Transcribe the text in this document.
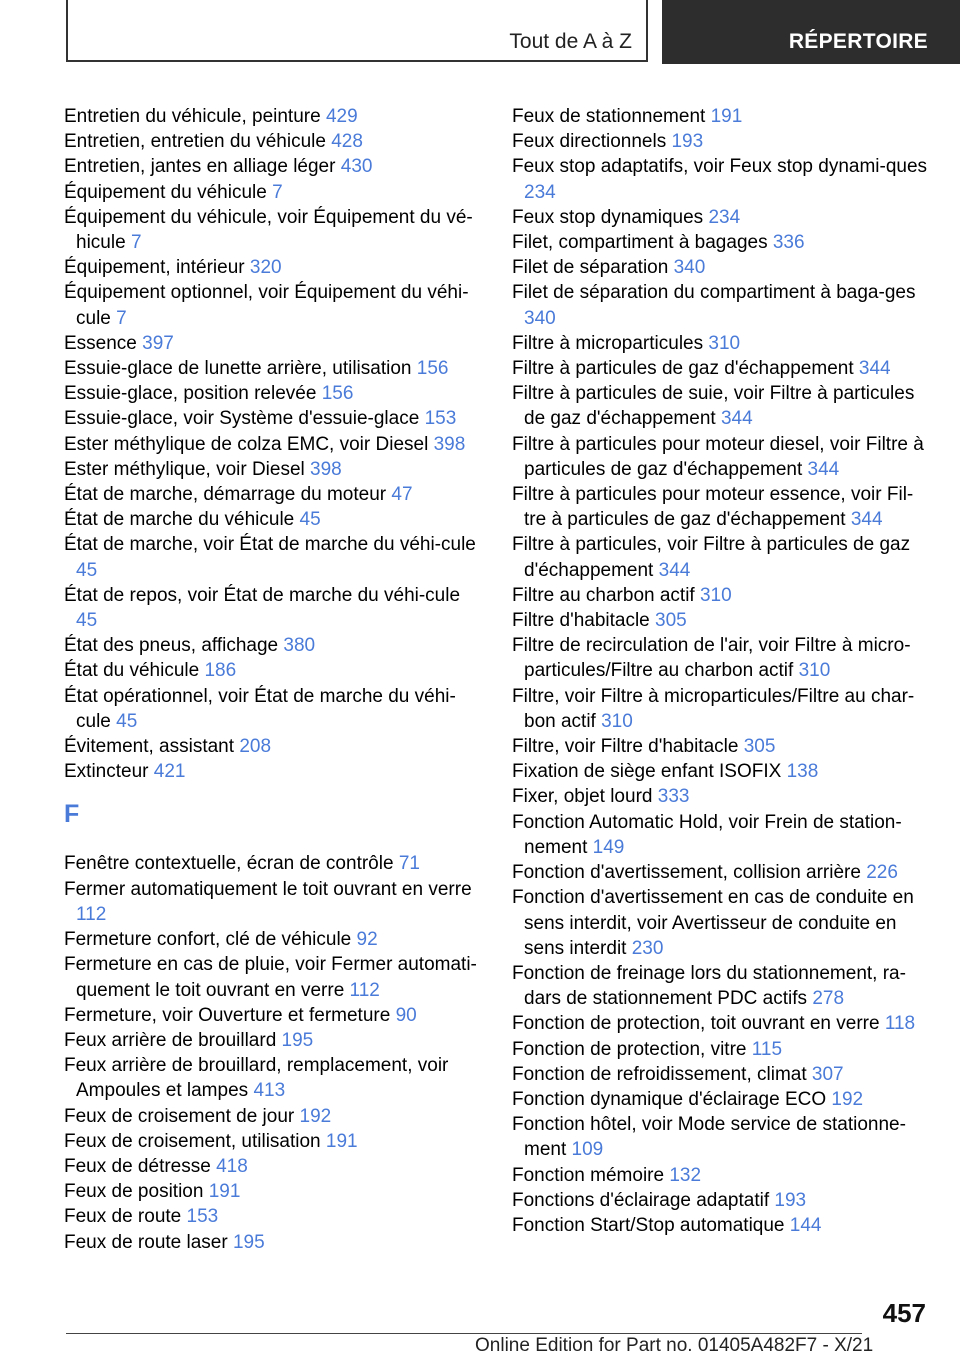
Tout de A à Z	RÉPERTOIRE

Entretien du véhicule, peinture 429

Entretien, entretien du véhicule 428

Entretien, jantes en alliage léger 430

Équipement du véhicule 7

Équipement du véhicule, voir Équipement du vé‐hicule 7

Équipement, intérieur 320

Équipement optionnel, voir Équipement du véhi‐cule 7

Essence 397

Essuie-glace de lunette arrière, utilisation 156

Essuie-glace, position relevée 156

Essuie-glace, voir Système d'essuie-glace 153

Ester méthylique de colza EMC, voir Diesel 398

Ester méthylique, voir Diesel 398

État de marche, démarrage du moteur 47

État de marche du véhicule 45

État de marche, voir État de marche du véhi‐cule 45

État de repos, voir État de marche du véhi‐cule 45

État des pneus, affichage 380

État du véhicule 186

État opérationnel, voir État de marche du véhi‐cule 45

Évitement, assistant 208

Extincteur 421

F

Fenêtre contextuelle, écran de contrôle 71

Fermer automatiquement le toit ouvrant en verre 112

Fermeture confort, clé de véhicule 92

Fermeture en cas de pluie, voir Fermer automati‐quement le toit ouvrant en verre 112

Fermeture, voir Ouverture et fermeture 90

Feux arrière de brouillard 195

Feux arrière de brouillard, remplacement, voir Ampoules et lampes 413

Feux de croisement de jour 192

Feux de croisement, utilisation 191

Feux de détresse 418

Feux de position 191

Feux de route 153

Feux de route laser 195

Feux de stationnement 191

Feux directionnels 193

Feux stop adaptatifs, voir Feux stop dynami‐ques 234

Feux stop dynamiques 234

Filet, compartiment à bagages 336

Filet de séparation 340

Filet de séparation du compartiment à baga‐ges 340

Filtre à microparticules 310

Filtre à particules de gaz d'échappement 344

Filtre à particules de suie, voir Filtre à particules de gaz d'échappement 344

Filtre à particules pour moteur diesel, voir Filtre à particules de gaz d'échappement 344

Filtre à particules pour moteur essence, voir Fil‐tre à particules de gaz d'échappement 344

Filtre à particules, voir Filtre à particules de gaz d'échappement 344

Filtre au charbon actif 310

Filtre d'habitacle 305

Filtre de recirculation de l'air, voir Filtre à micro‐particules/Filtre au charbon actif 310

Filtre, voir Filtre à microparticules/Filtre au char‐bon actif 310

Filtre, voir Filtre d'habitacle 305

Fixation de siège enfant ISOFIX 138

Fixer, objet lourd 333

Fonction Automatic Hold, voir Frein de station‐nement 149

Fonction d'avertissement, collision arrière 226

Fonction d'avertissement en cas de conduite en sens interdit, voir Avertisseur de conduite en sens interdit 230

Fonction de freinage lors du stationnement, ra‐dars de stationnement PDC actifs 278

Fonction de protection, toit ouvrant en verre 118

Fonction de protection, vitre 115

Fonction de refroidissement, climat 307

Fonction dynamique d'éclairage ECO 192

Fonction hôtel, voir Mode service de stationne‐ment 109

Fonction mémoire 132

Fonctions d'éclairage adaptatif 193

Fonction Start/Stop automatique 144

457
Online Edition for Part no. 01405A482F7 - X/21
